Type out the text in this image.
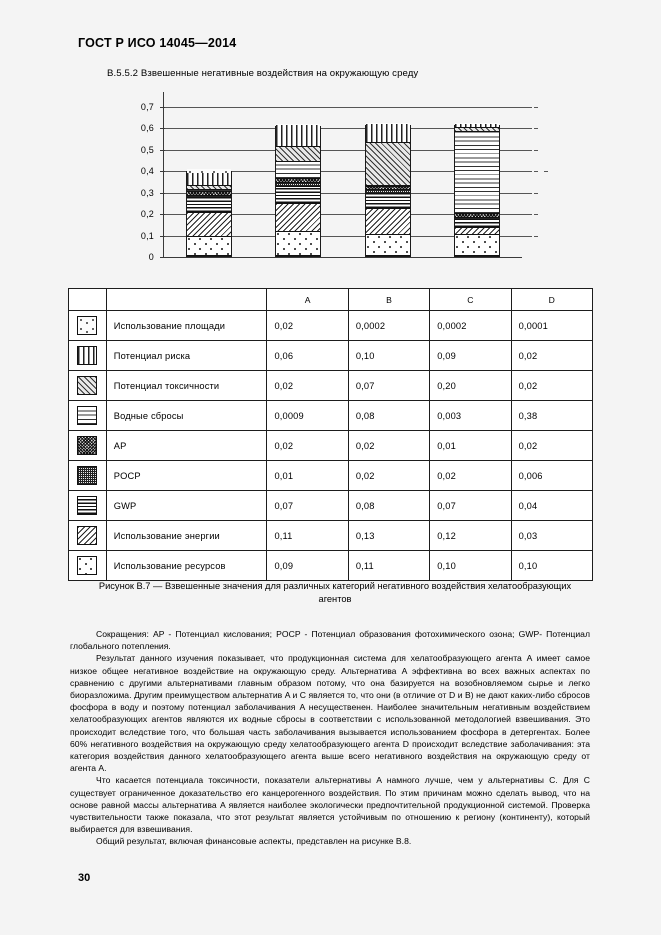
ГОСТ Р ИСО 14045—2014
B.5.5.2 Взвешенные негативные воздействия на окружающую среду
0
0,1
0,2
0,3
0,4
0,5
0,6
0,7
		A	B	C	D

	Использование площади	0,02	0,0002	0,0002	0,0001

	Потенциал риска	0,06	0,10	0,09	0,02

	Потенциал токсичности	0,02	0,07	0,20	0,02

	Водные сбросы	0,0009	0,08	0,003	0,38

	AP	0,02	0,02	0,01	0,02

	POCP	0,01	0,02	0,02	0,006

	GWP	0,07	0,08	0,07	0,04

	Использование энергии	0,11	0,13	0,12	0,03

	Использование ресурсов	0,09	0,11	0,10	0,10
Рисунок В.7 — Взвешенные значения для различных категорий негативного воздействия хелатообразующих агентов

Сокращения: AP - Потенциал кислования; POCP - Потенциал образования фотохимического озона; GWP- Потенциал глобального потепления.

Результат данного изучения показывает, что продукционная система для хелатообразующего агента A имеет самое низкое общее негативное воздействие на окружающую среду. Альтернатива A эффективна во всех важных аспектах по сравнению с другими альтернативами главным образом потому, что она базируется на возобновляемом сырье и легко биоразложима. Другим преимуществом альтернатив A и C является то, что они (в отличие от D и B) не дают каких-либо сбросов фосфора в воду и поэтому потенциал заболачивания A несущественен. Наиболее значительным негативным воздействием хелатообразующих агентов являются их водные сбросы в соответствии с использованной методологией взвешивания. Это происходит вследствие того, что большая часть заболачивания вызывается использованием фосфора в детергентах. Более 60% негативного воздействия на окружающую среду хелатообразующего агента D происходит вследствие заболачивания: эта категория воздействия данного хелатообразующего агента выше всего негативного воздействия на окружающую среду от агента A.

Что касается потенциала токсичности, показатели альтернативы A намного лучше, чем у альтернативы C. Для C существует ограниченное доказательство его канцерогенного воздействия. По этим причинам можно сделать вывод, что на основе равной массы альтернатива A является наиболее экологически предпочтительной продукционной системой. Проверка чувствительности также показала, что этот результат является устойчивым по отношению к региону (континенту), который выбирается для взвешивания.

Общий результат, включая финансовые аспекты, представлен на рисунке В.8.

30
